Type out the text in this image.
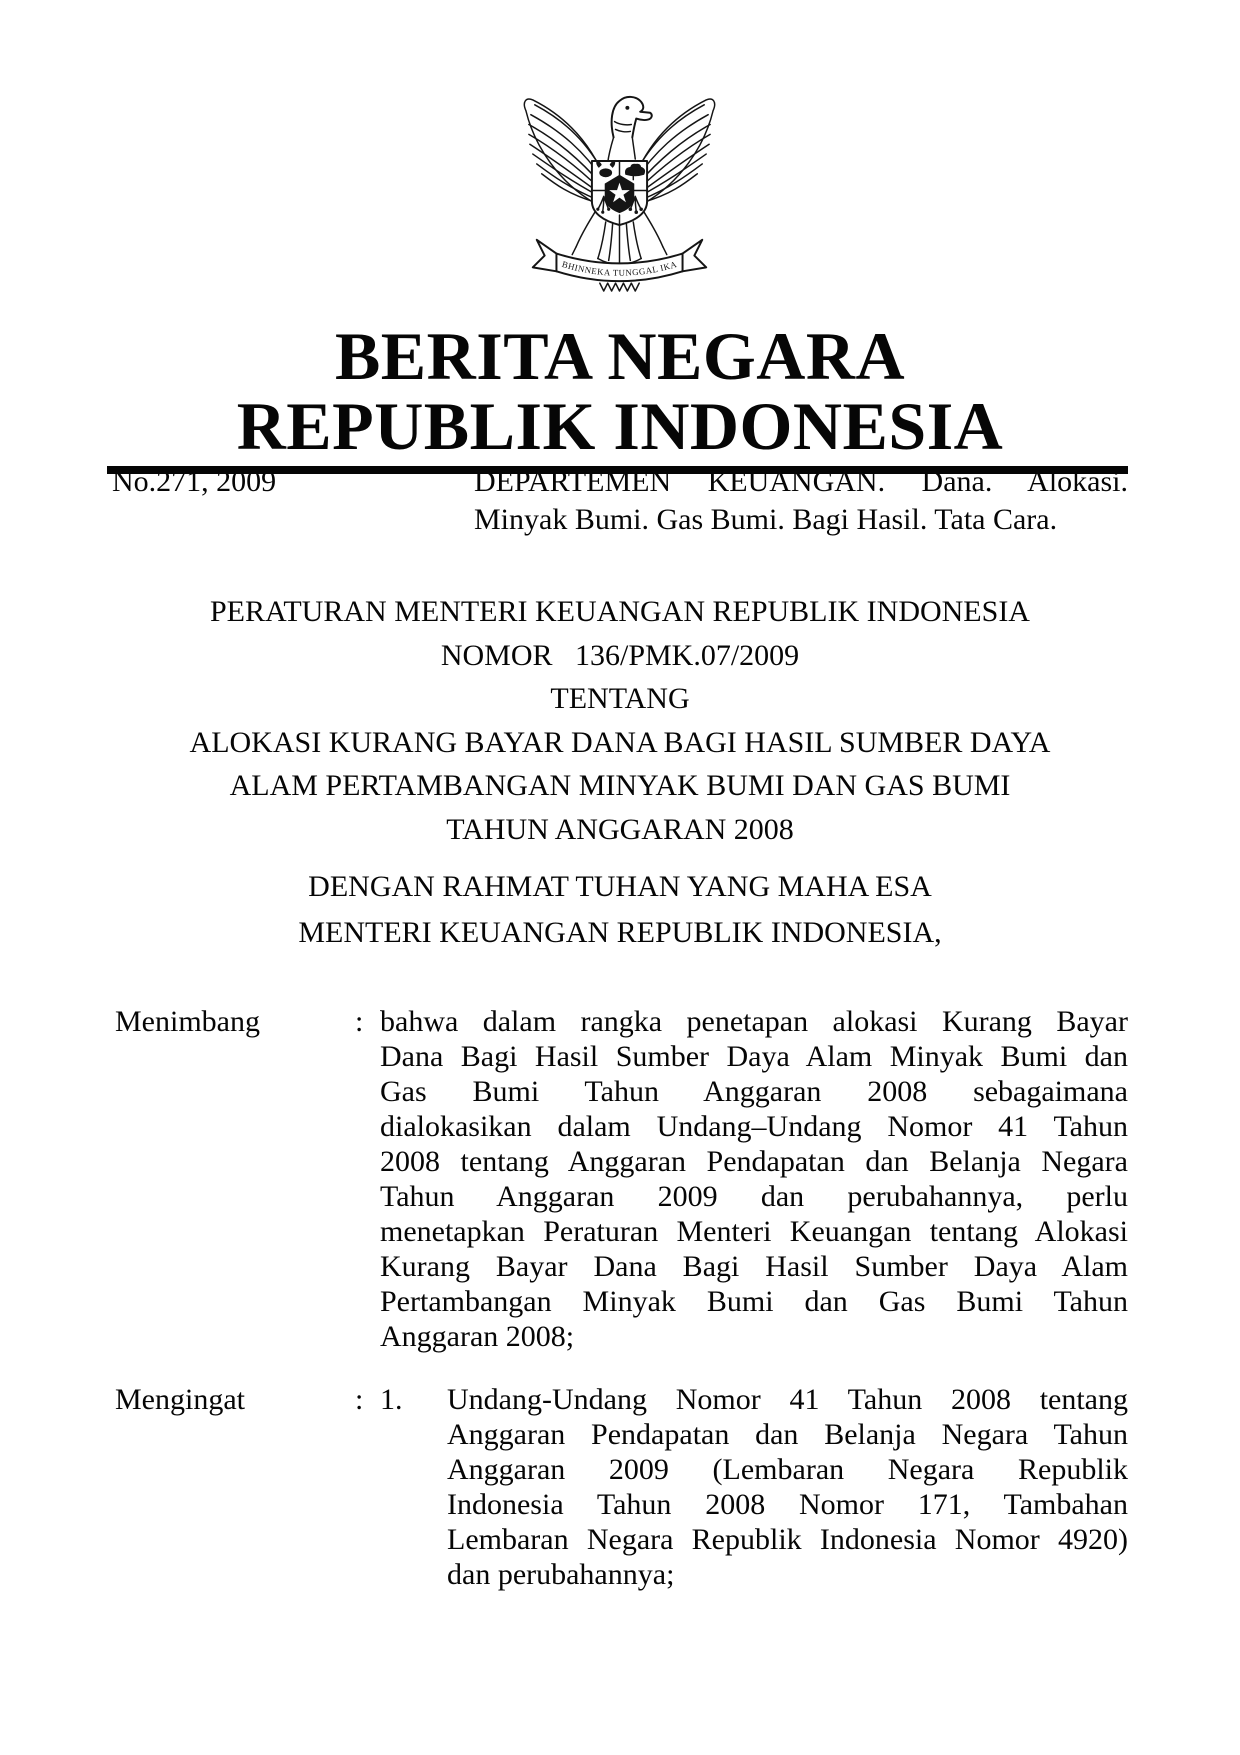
BHINNEKA TUNGGAL IKA
BERITA NEGARA
REPUBLIK INDONESIA
No.271, 2009	DEPARTEMEN KEUANGAN. Dana. Alokasi.
Minyak Bumi. Gas Bumi. Bagi Hasil. Tata Cara.
PERATURAN MENTERI KEUANGAN REPUBLIK INDONESIA
NOMOR   136/PMK.07/2009
TENTANG
ALOKASI KURANG BAYAR DANA BAGI HASIL SUMBER DAYA
ALAM PERTAMBANGAN MINYAK BUMI DAN GAS BUMI
TAHUN ANGGARAN 2008
DENGAN RAHMAT TUHAN YANG MAHA ESA
MENTERI KEUANGAN REPUBLIK INDONESIA,
Menimbang	: bahwa dalam rangka penetapan alokasi Kurang Bayar
Dana Bagi Hasil Sumber Daya Alam Minyak Bumi dan
Gas Bumi Tahun Anggaran 2008 sebagaimana
dialokasikan dalam Undang–Undang Nomor 41 Tahun
2008 tentang Anggaran Pendapatan dan Belanja Negara
Tahun Anggaran 2009 dan perubahannya, perlu
menetapkan Peraturan Menteri Keuangan tentang Alokasi
Kurang Bayar Dana Bagi Hasil Sumber Daya Alam
Pertambangan Minyak Bumi dan Gas Bumi Tahun
Anggaran 2008;
Mengingat	: 1.	Undang-Undang Nomor 41 Tahun 2008 tentang
Anggaran Pendapatan dan Belanja Negara Tahun
Anggaran 2009 (Lembaran Negara Republik
Indonesia Tahun 2008 Nomor 171, Tambahan
Lembaran Negara Republik Indonesia Nomor 4920)
dan perubahannya;
